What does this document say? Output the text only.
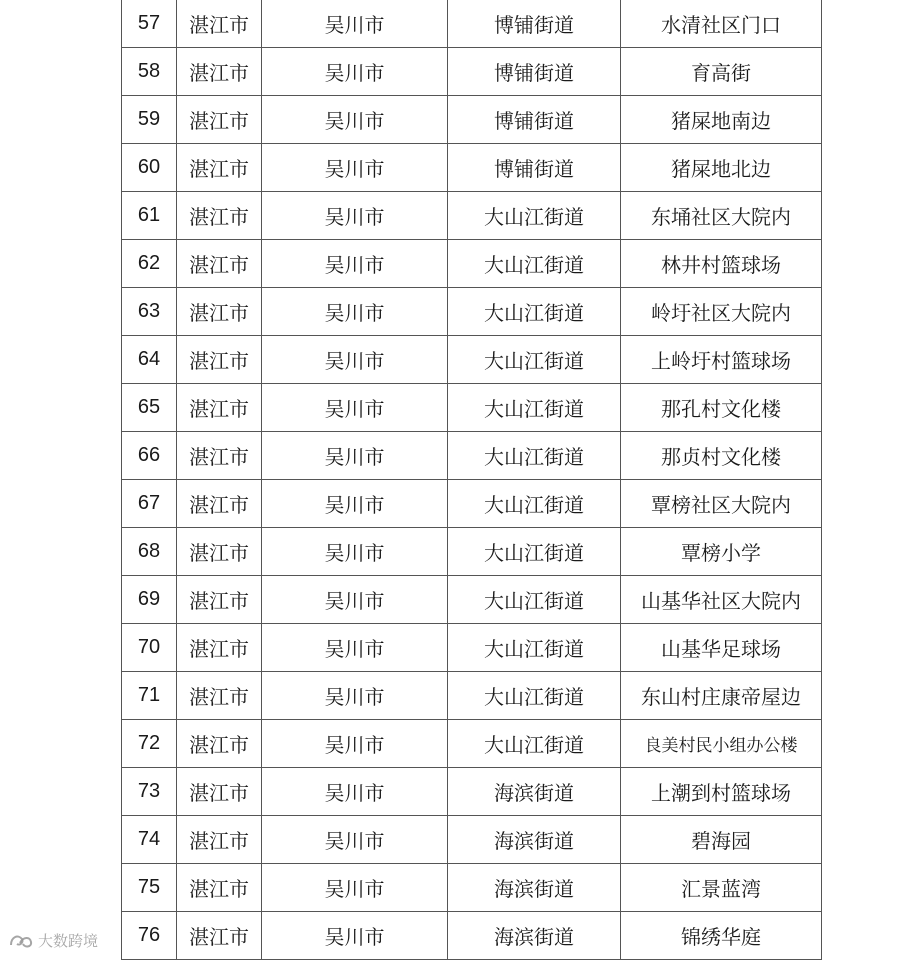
57	湛江市	吴川市	博铺街道	水清社区门口
58	湛江市	吴川市	博铺街道	育高街
59	湛江市	吴川市	博铺街道	猪屎地南边
60	湛江市	吴川市	博铺街道	猪屎地北边
61	湛江市	吴川市	大山江街道	东埇社区大院内
62	湛江市	吴川市	大山江街道	林井村篮球场
63	湛江市	吴川市	大山江街道	岭圩社区大院内
64	湛江市	吴川市	大山江街道	上岭圩村篮球场
65	湛江市	吴川市	大山江街道	那孔村文化楼
66	湛江市	吴川市	大山江街道	那贞村文化楼
67	湛江市	吴川市	大山江街道	覃榜社区大院内
68	湛江市	吴川市	大山江街道	覃榜小学
69	湛江市	吴川市	大山江街道	山基华社区大院内
70	湛江市	吴川市	大山江街道	山基华足球场
71	湛江市	吴川市	大山江街道	东山村庄康帝屋边
72	湛江市	吴川市	大山江街道	良美村民小组办公楼
73	湛江市	吴川市	海滨街道	上潮到村篮球场
74	湛江市	吴川市	海滨街道	碧海园
75	湛江市	吴川市	海滨街道	汇景蓝湾
76	湛江市	吴川市	海滨街道	锦绣华庭
大数跨境
